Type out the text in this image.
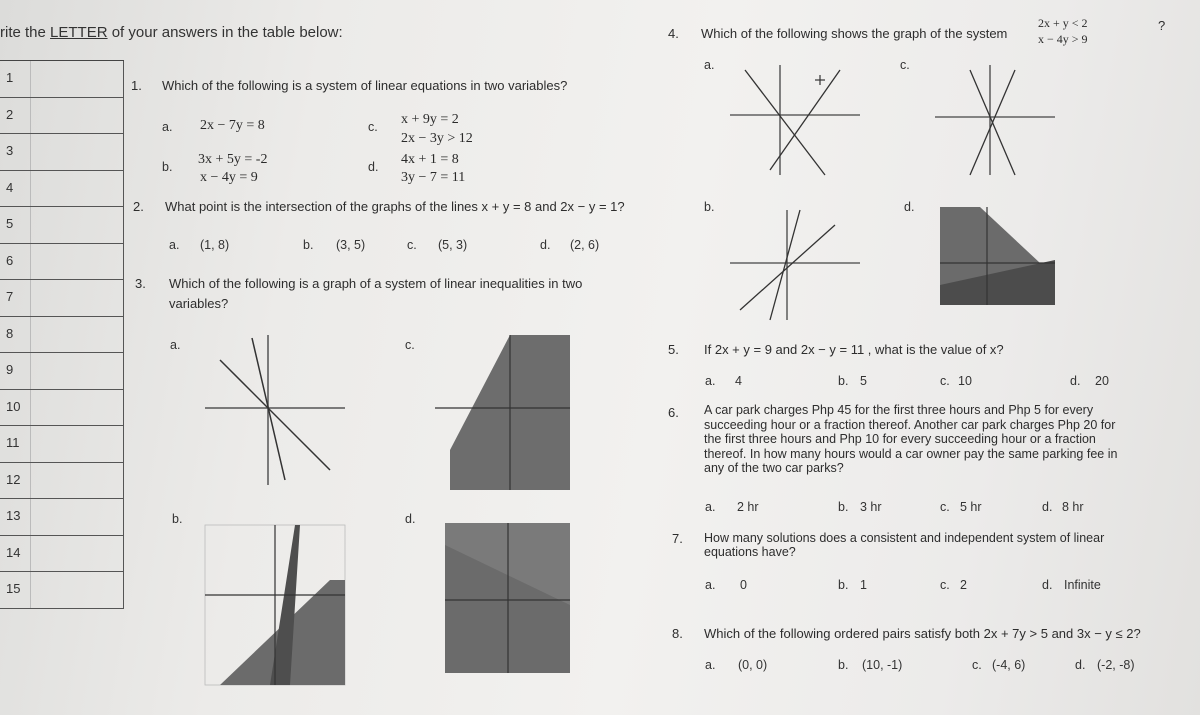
rite the LETTER of your answers in the table below:
1
2
3
4
5
6
7
8
9
10
11
12
13
14
15
1. Which of the following is a system of linear equations in two variables?
a. 2x − 7y = 8
b. 3x + 5y = -2
x − 4y = 9
c. x + 9y = 2
2x − 3y > 12
d. 4x + 1 = 8
3y − 7 = 11
2. What point is the intersection of the graphs of the lines x + y = 8 and 2x − y = 1?
a. (1, 8)	b. (3, 5)	c. (5, 3)	d. (2, 6)
3. Which of the following is a graph of a system of linear inequalities in two
variables?
a.	c.
b.	d.
4. Which of the following shows the graph of the system
2x + y < 2
x − 4y > 9
?
a.	c.
b.	d.
5. If 2x + y = 9 and 2x − y = 11 , what is the value of x?
a. 4	b. 5	c. 10	d. 20
6. A car park charges Php 45 for the first three hours and Php 5 for every
succeeding hour or a fraction thereof. Another car park charges Php 20 for
the first three hours and Php 10 for every succeeding hour or a fraction
thereof. In how many hours would a car owner pay the same parking fee in
any of the two car parks?
a. 2 hr	b. 3 hr	c. 5 hr	d. 8 hr
7. How many solutions does a consistent and independent system of linear
equations have?
a. 0	b. 1	c. 2	d. Infinite
8. Which of the following ordered pairs satisfy both 2x + 7y > 5 and 3x − y ≤ 2?
a. (0, 0)	b. (10, -1)	c. (-4, 6)	d. (-2, -8)
